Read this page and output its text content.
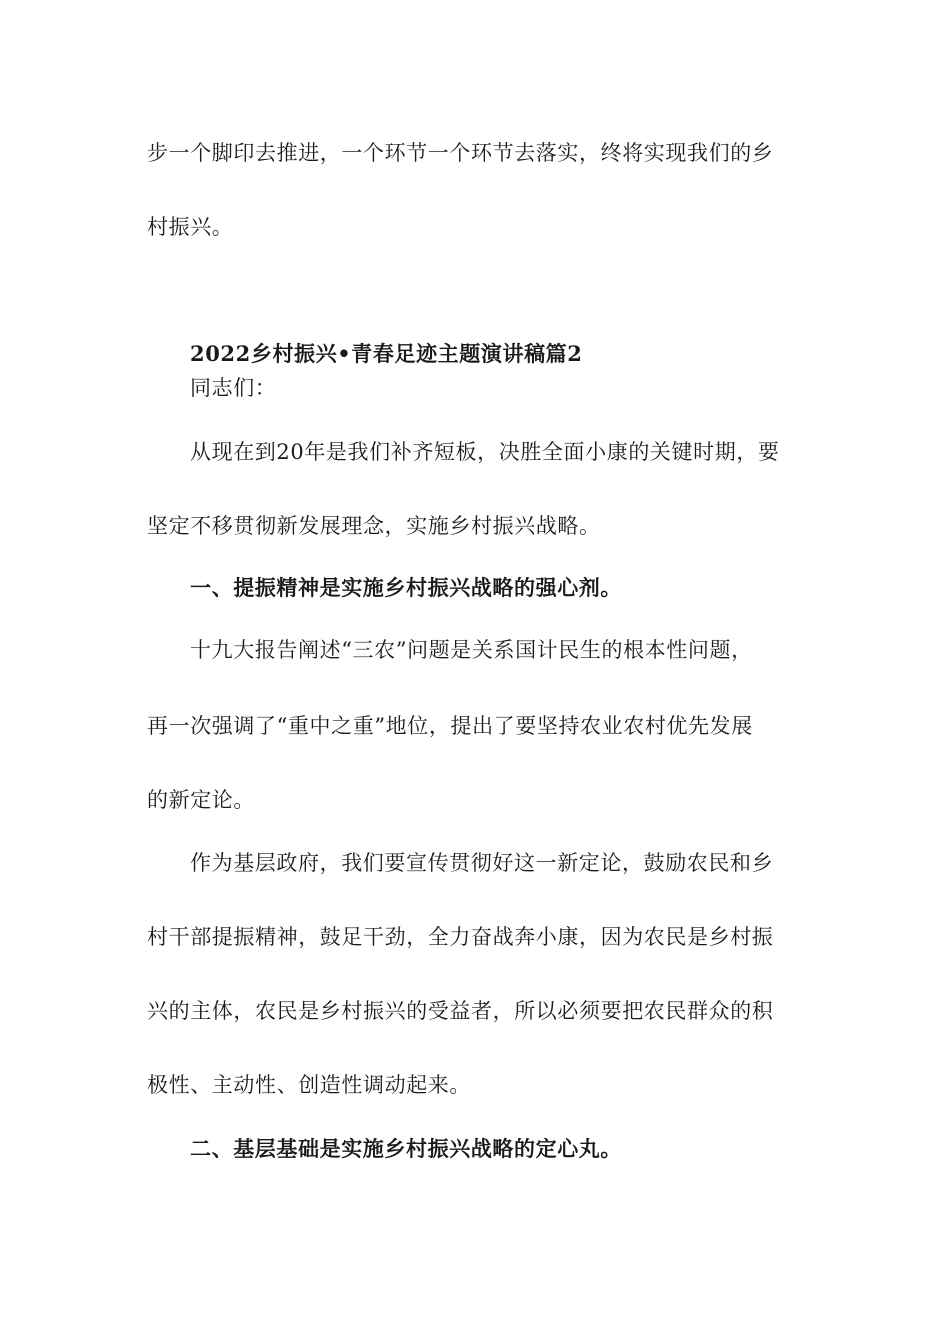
步一个脚印去推进，一个环节一个环节去落实，终将实现我们的乡
村振兴。
2022乡村振兴•青春足迹主题演讲稿篇2
同志们：
从现在到20年是我们补齐短板，决胜全面小康的关键时期，要
坚定不移贯彻新发展理念，实施乡村振兴战略。
一、提振精神是实施乡村振兴战略的强心剂。
十九大报告阐述“三农”问题是关系国计民生的根本性问题，
再一次强调了“重中之重”地位，提出了要坚持农业农村优先发展
的新定论。
作为基层政府，我们要宣传贯彻好这一新定论，鼓励农民和乡
村干部提振精神，鼓足干劲，全力奋战奔小康，因为农民是乡村振
兴的主体，农民是乡村振兴的受益者，所以必须要把农民群众的积
极性、主动性、创造性调动起来。
二、基层基础是实施乡村振兴战略的定心丸。
